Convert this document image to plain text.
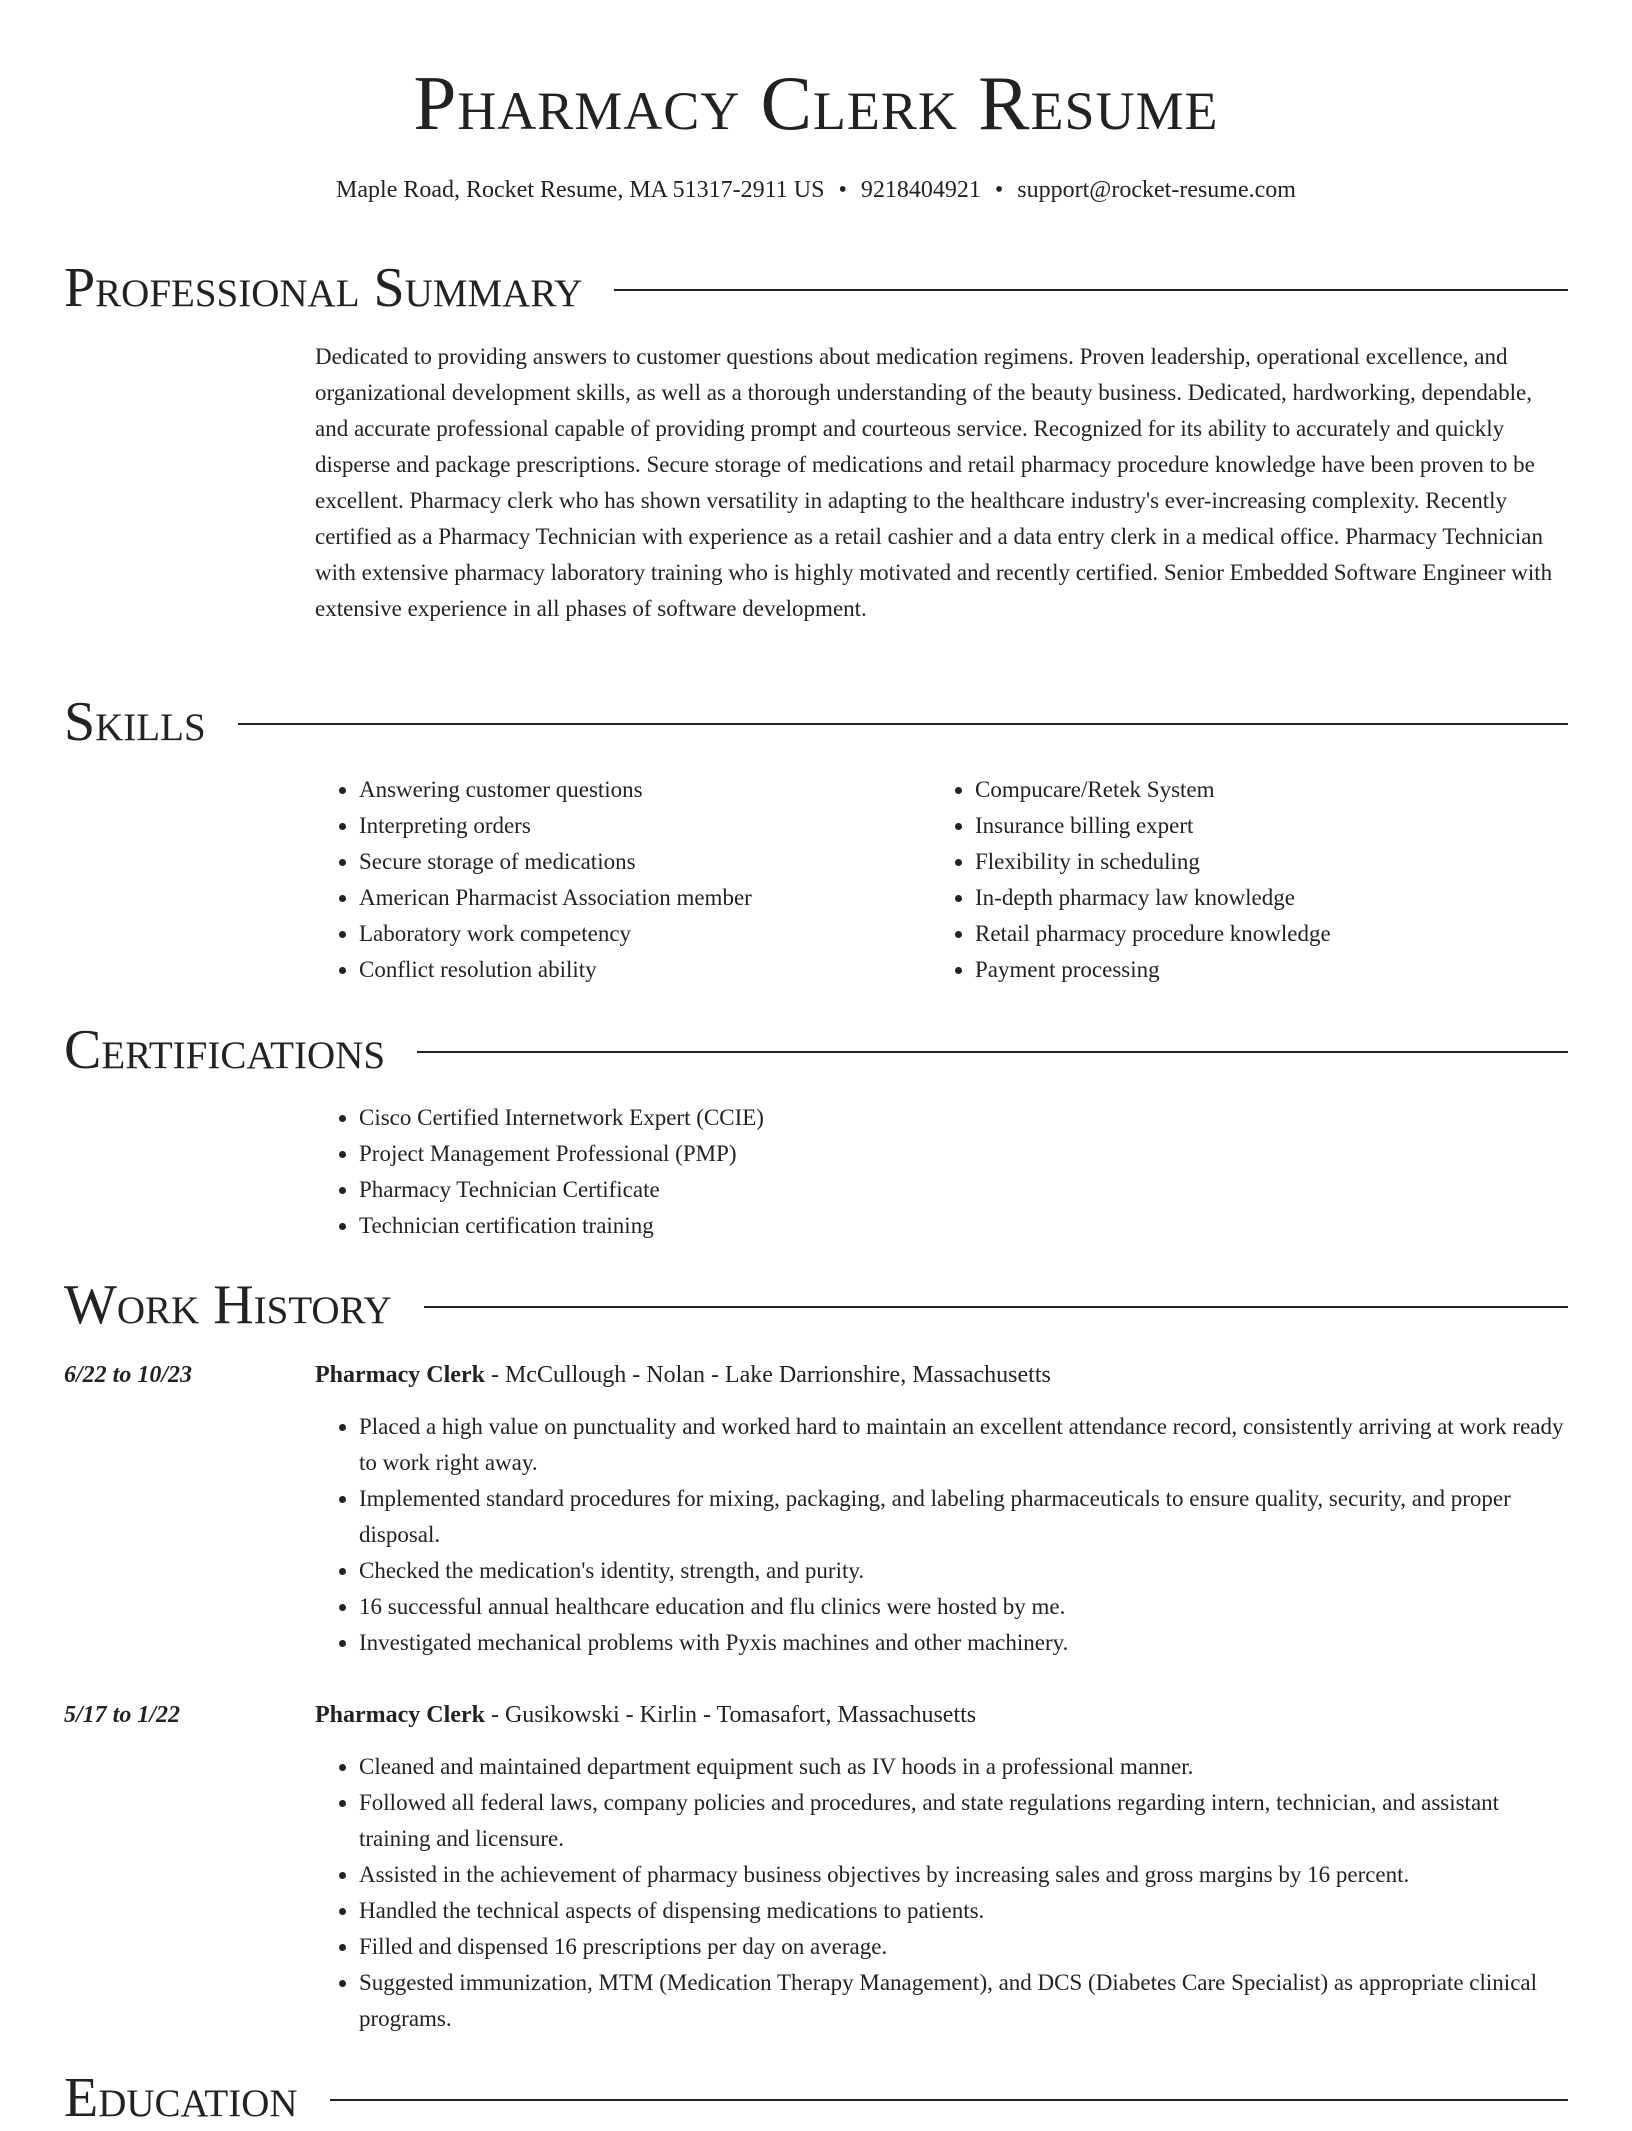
Pharmacy Clerk Resume
Maple Road, Rocket Resume, MA 51317-2911 US • 9218404921 • support@rocket-resume.com
Professional Summary

Dedicated to providing answers to customer questions about medication regimens. Proven leadership, operational excellence, and organizational development skills, as well as a thorough understanding of the beauty business. Dedicated, hardworking, dependable, and accurate professional capable of providing prompt and courteous service. Recognized for its ability to accurately and quickly disperse and package prescriptions. Secure storage of medications and retail pharmacy procedure knowledge have been proven to be excellent. Pharmacy clerk who has shown versatility in adapting to the healthcare industry's ever-increasing complexity. Recently certified as a Pharmacy Technician with experience as a retail cashier and a data entry clerk in a medical office. Pharmacy Technician with extensive pharmacy laboratory training who is highly motivated and recently certified. Senior Embedded Software Engineer with extensive experience in all phases of software development.

Skills
• Answering customer questions
• Interpreting orders
• Secure storage of medications
• American Pharmacist Association member
• Laboratory work competency
• Conflict resolution ability
• Compucare/Retek System
• Insurance billing expert
• Flexibility in scheduling
• In-depth pharmacy law knowledge
• Retail pharmacy procedure knowledge
• Payment processing
Certifications
• Cisco Certified Internetwork Expert (CCIE)
• Project Management Professional (PMP)
• Pharmacy Technician Certificate
• Technician certification training
Work History
6/22 to 10/23	Pharmacy Clerk - McCullough - Nolan - Lake Darrionshire, Massachusetts
• Placed a high value on punctuality and worked hard to maintain an excellent attendance record, consistently arriving at work ready to work right away.
• Implemented standard procedures for mixing, packaging, and labeling pharmaceuticals to ensure quality, security, and proper disposal.
• Checked the medication's identity, strength, and purity.
• 16 successful annual healthcare education and flu clinics were hosted by me.
• Investigated mechanical problems with Pyxis machines and other machinery.
5/17 to 1/22	Pharmacy Clerk - Gusikowski - Kirlin - Tomasafort, Massachusetts
• Cleaned and maintained department equipment such as IV hoods in a professional manner.
• Followed all federal laws, company policies and procedures, and state regulations regarding intern, technician, and assistant training and licensure.
• Assisted in the achievement of pharmacy business objectives by increasing sales and gross margins by 16 percent.
• Handled the technical aspects of dispensing medications to patients.
• Filled and dispensed 16 prescriptions per day on average.
• Suggested immunization, MTM (Medication Therapy Management), and DCS (Diabetes Care Specialist) as appropriate clinical programs.
Education
